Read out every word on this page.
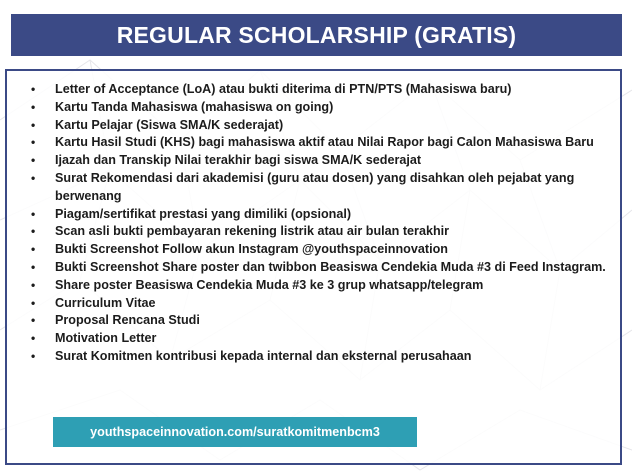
REGULAR SCHOLARSHIP (GRATIS)
• Letter of Acceptance (LoA) atau bukti diterima di PTN/PTS (Mahasiswa baru)
• Kartu Tanda Mahasiswa (mahasiswa on going)
• Kartu Pelajar (Siswa SMA/K sederajat)
• Kartu Hasil Studi (KHS) bagi mahasiswa aktif atau Nilai Rapor bagi Calon Mahasiswa Baru
• Ijazah dan Transkip Nilai terakhir bagi siswa SMA/K sederajat
• Surat Rekomendasi dari akademisi (guru atau dosen) yang disahkan oleh pejabat yang berwenang
• Piagam/sertifikat prestasi yang dimiliki (opsional)
• Scan asli bukti pembayaran rekening listrik atau air bulan terakhir
• Bukti Screenshot Follow akun Instagram @youthspaceinnovation
• Bukti Screenshot Share poster dan twibbon Beasiswa Cendekia Muda #3 di Feed Instagram.
• Share poster Beasiswa Cendekia Muda #3 ke 3 grup whatsapp/telegram
• Curriculum Vitae
• Proposal Rencana Studi
• Motivation Letter
• Surat Komitmen kontribusi kepada internal dan eksternal perusahaan
youthspaceinnovation.com/suratkomitmenbcm3
